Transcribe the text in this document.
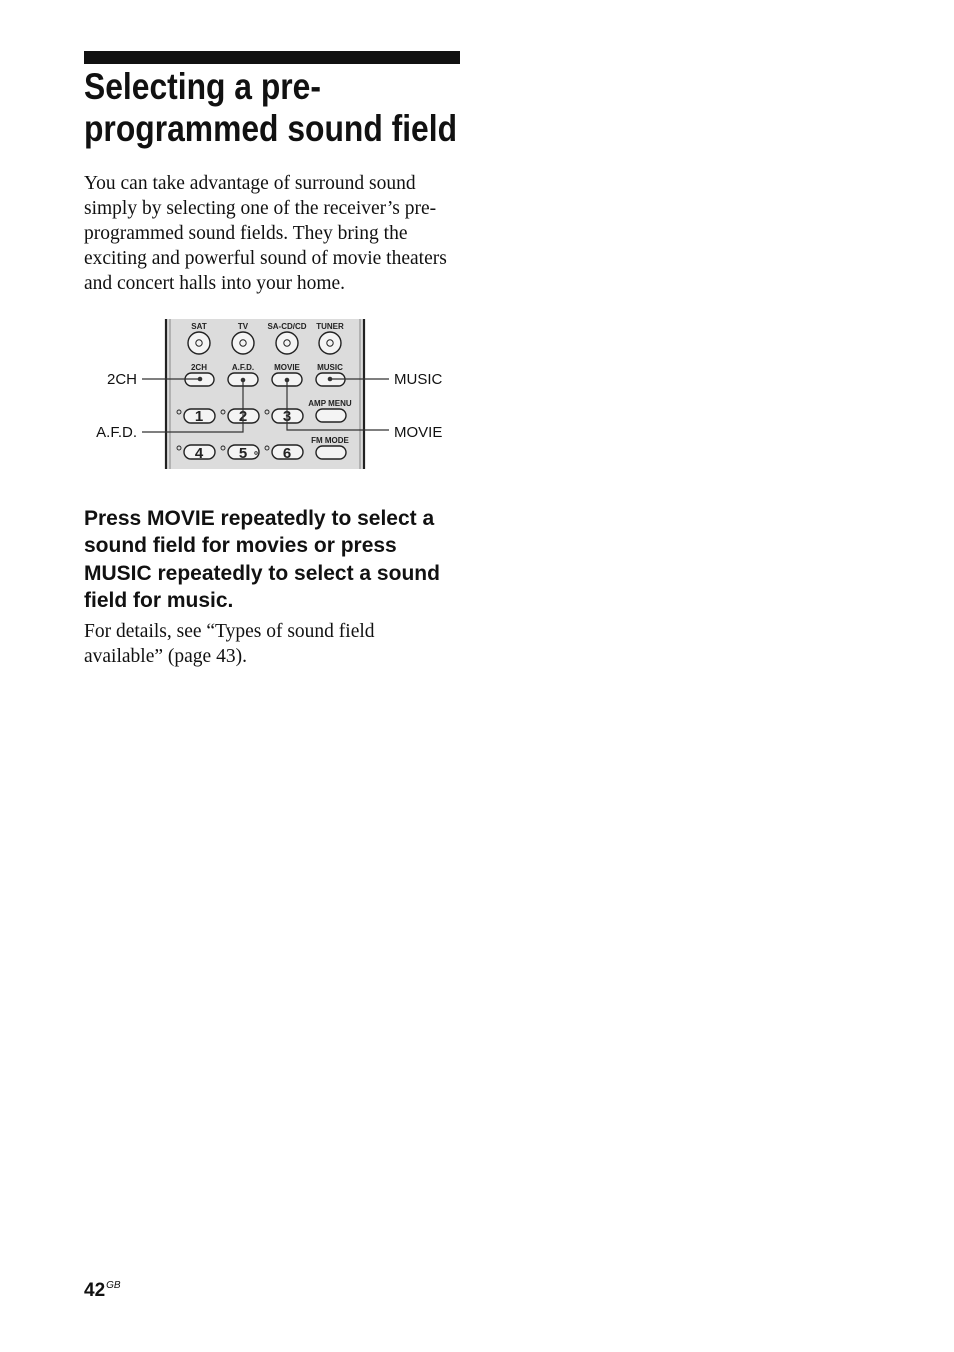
Selecting a pre-
programmed sound field

You can take advantage of surround sound
simply by selecting one of the receiver’s pre-
programmed sound fields. They bring the
exciting and powerful sound of movie theaters
and concert halls into your home.

SAT	TV SA-CD/CD TUNER
2CH	A.F.D. MOVIE MUSIC
1 2 3
4 5 6
AMP MENU
FM MODE
2CH
A.F.D.
MUSIC
MOVIE

Press MOVIE repeatedly to select a
sound field for movies or press
MUSIC repeatedly to select a sound
field for music.

For details, see “Types of sound field
available” (page 43).

$42^{GB}$
